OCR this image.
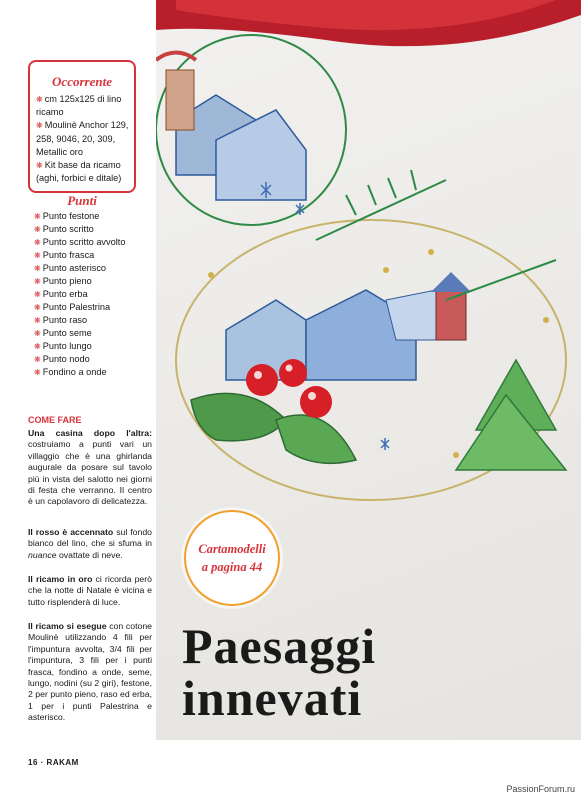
Occorrente
❋ cm 125x125 di lino ricamo
❋ Moulinè Anchor 129, 258, 9046, 20, 309, Metallic oro
❋ Kit base da ricamo (aghi, forbici e ditale)
Punti
❋ Punto festone
❋ Punto scritto
❋ Punto scritto avvolto
❋ Punto frasca
❋ Punto asterisco
❋ Punto pieno
❋ Punto erba
❋ Punto Palestrina
❋ Punto raso
❋ Punto seme
❋ Punto lungo
❋ Punto nodo
❋ Fondino a onde
COME FARE

Una casina dopo l'altra: costruiamo a punti vari un villaggio che è una ghirlanda augurale da posare sul tavolo più in vista del salotto nei giorni di festa che verranno. Il centro è un capolavoro di delicatezza.

Il rosso è accennato sul fondo bianco del lino, che si sfuma in nuance ovattate di neve.

Il ricamo in oro ci ricorda però che la notte di Natale è vicina e tutto risplenderà di luce.

Il ricamo si esegue con cotone Moulinè utilizzando 4 fili per l'impuntura avvolta, 3/4 fili per l'impuntura, 3 fili per i punti frasca, fondino a onde, seme, lungo, nodini (su 2 giri), festone, 2 per punto pieno, raso ed erba, 1 per i punti Palestrina e asterisco.

Cartamodelli
a pagina 44
Paesaggi
innevati
16 · RAKAM
PassionForum.ru
